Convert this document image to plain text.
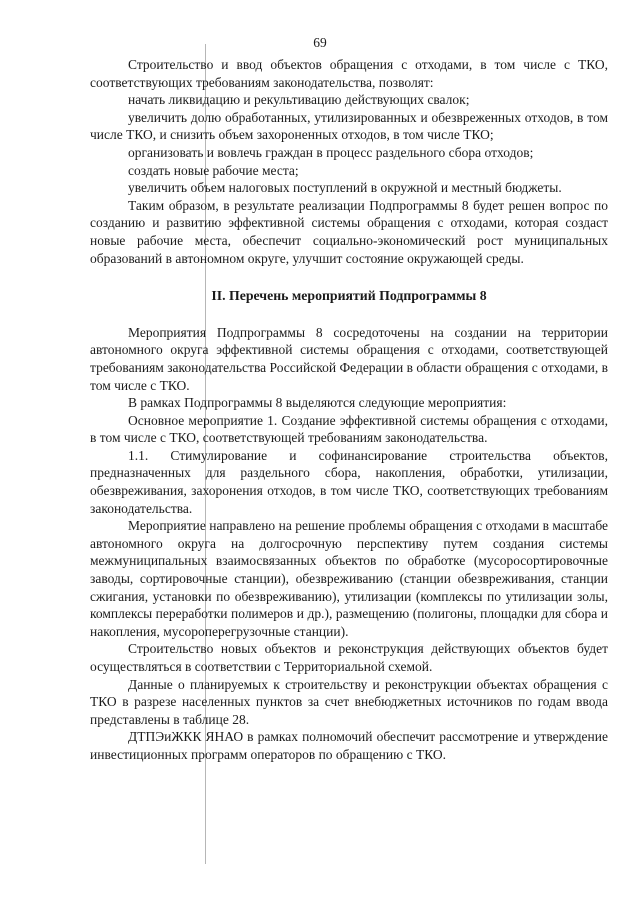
69

Строительство и ввод объектов обращения с отходами, в том числе с ТКО, соответствующих требованиям законодательства, позволят:

начать ликвидацию и рекультивацию действующих свалок;

увеличить долю обработанных, утилизированных и обезвреженных отходов, в том числе ТКО, и снизить объем захороненных отходов, в том числе ТКО;

организовать и вовлечь граждан в процесс раздельного сбора отходов;

создать новые рабочие места;

увеличить объем налоговых поступлений в окружной и местный бюджеты.

Таким образом, в результате реализации Подпрограммы 8 будет решен вопрос по созданию и развитию эффективной системы обращения с отходами, которая создаст новые рабочие места, обеспечит социально-экономический рост муниципальных образований в автономном округе, улучшит состояние окружающей среды.

II. Перечень мероприятий Подпрограммы 8

Мероприятия Подпрограммы 8 сосредоточены на создании на территории автономного округа эффективной системы обращения с отходами, соответствующей требованиям законодательства Российской Федерации в области обращения с отходами, в том числе с ТКО.

В рамках Подпрограммы 8 выделяются следующие мероприятия:

Основное мероприятие 1. Создание эффективной системы обращения с отходами, в том числе с ТКО, соответствующей требованиям законодательства.

1.1. Стимулирование и софинансирование строительства объектов, предназначенных для раздельного сбора, накопления, обработки, утилизации, обезвреживания, захоронения отходов, в том числе ТКО, соответствующих требованиям законодательства.

Мероприятие направлено на решение проблемы обращения с отходами в масштабе автономного округа на долгосрочную перспективу путем создания системы межмуниципальных взаимосвязанных объектов по обработке (мусоросортировочные заводы, сортировочные станции), обезвреживанию (станции обезвреживания, станции сжигания, установки по обезвреживанию), утилизации (комплексы по утилизации золы, комплексы переработки полимеров и др.), размещению (полигоны, площадки для сбора и накопления, мусороперегрузочные станции).

Строительство новых объектов и реконструкция действующих объектов будет осуществляться в соответствии с Территориальной схемой.

Данные о планируемых к строительству и реконструкции объектах обращения с ТКО в разрезе населенных пунктов за счет внебюджетных источников по годам ввода представлены в таблице 28.

ДТПЭиЖКК ЯНАО в рамках полномочий обеспечит рассмотрение и утверждение инвестиционных программ операторов по обращению с ТКО.
